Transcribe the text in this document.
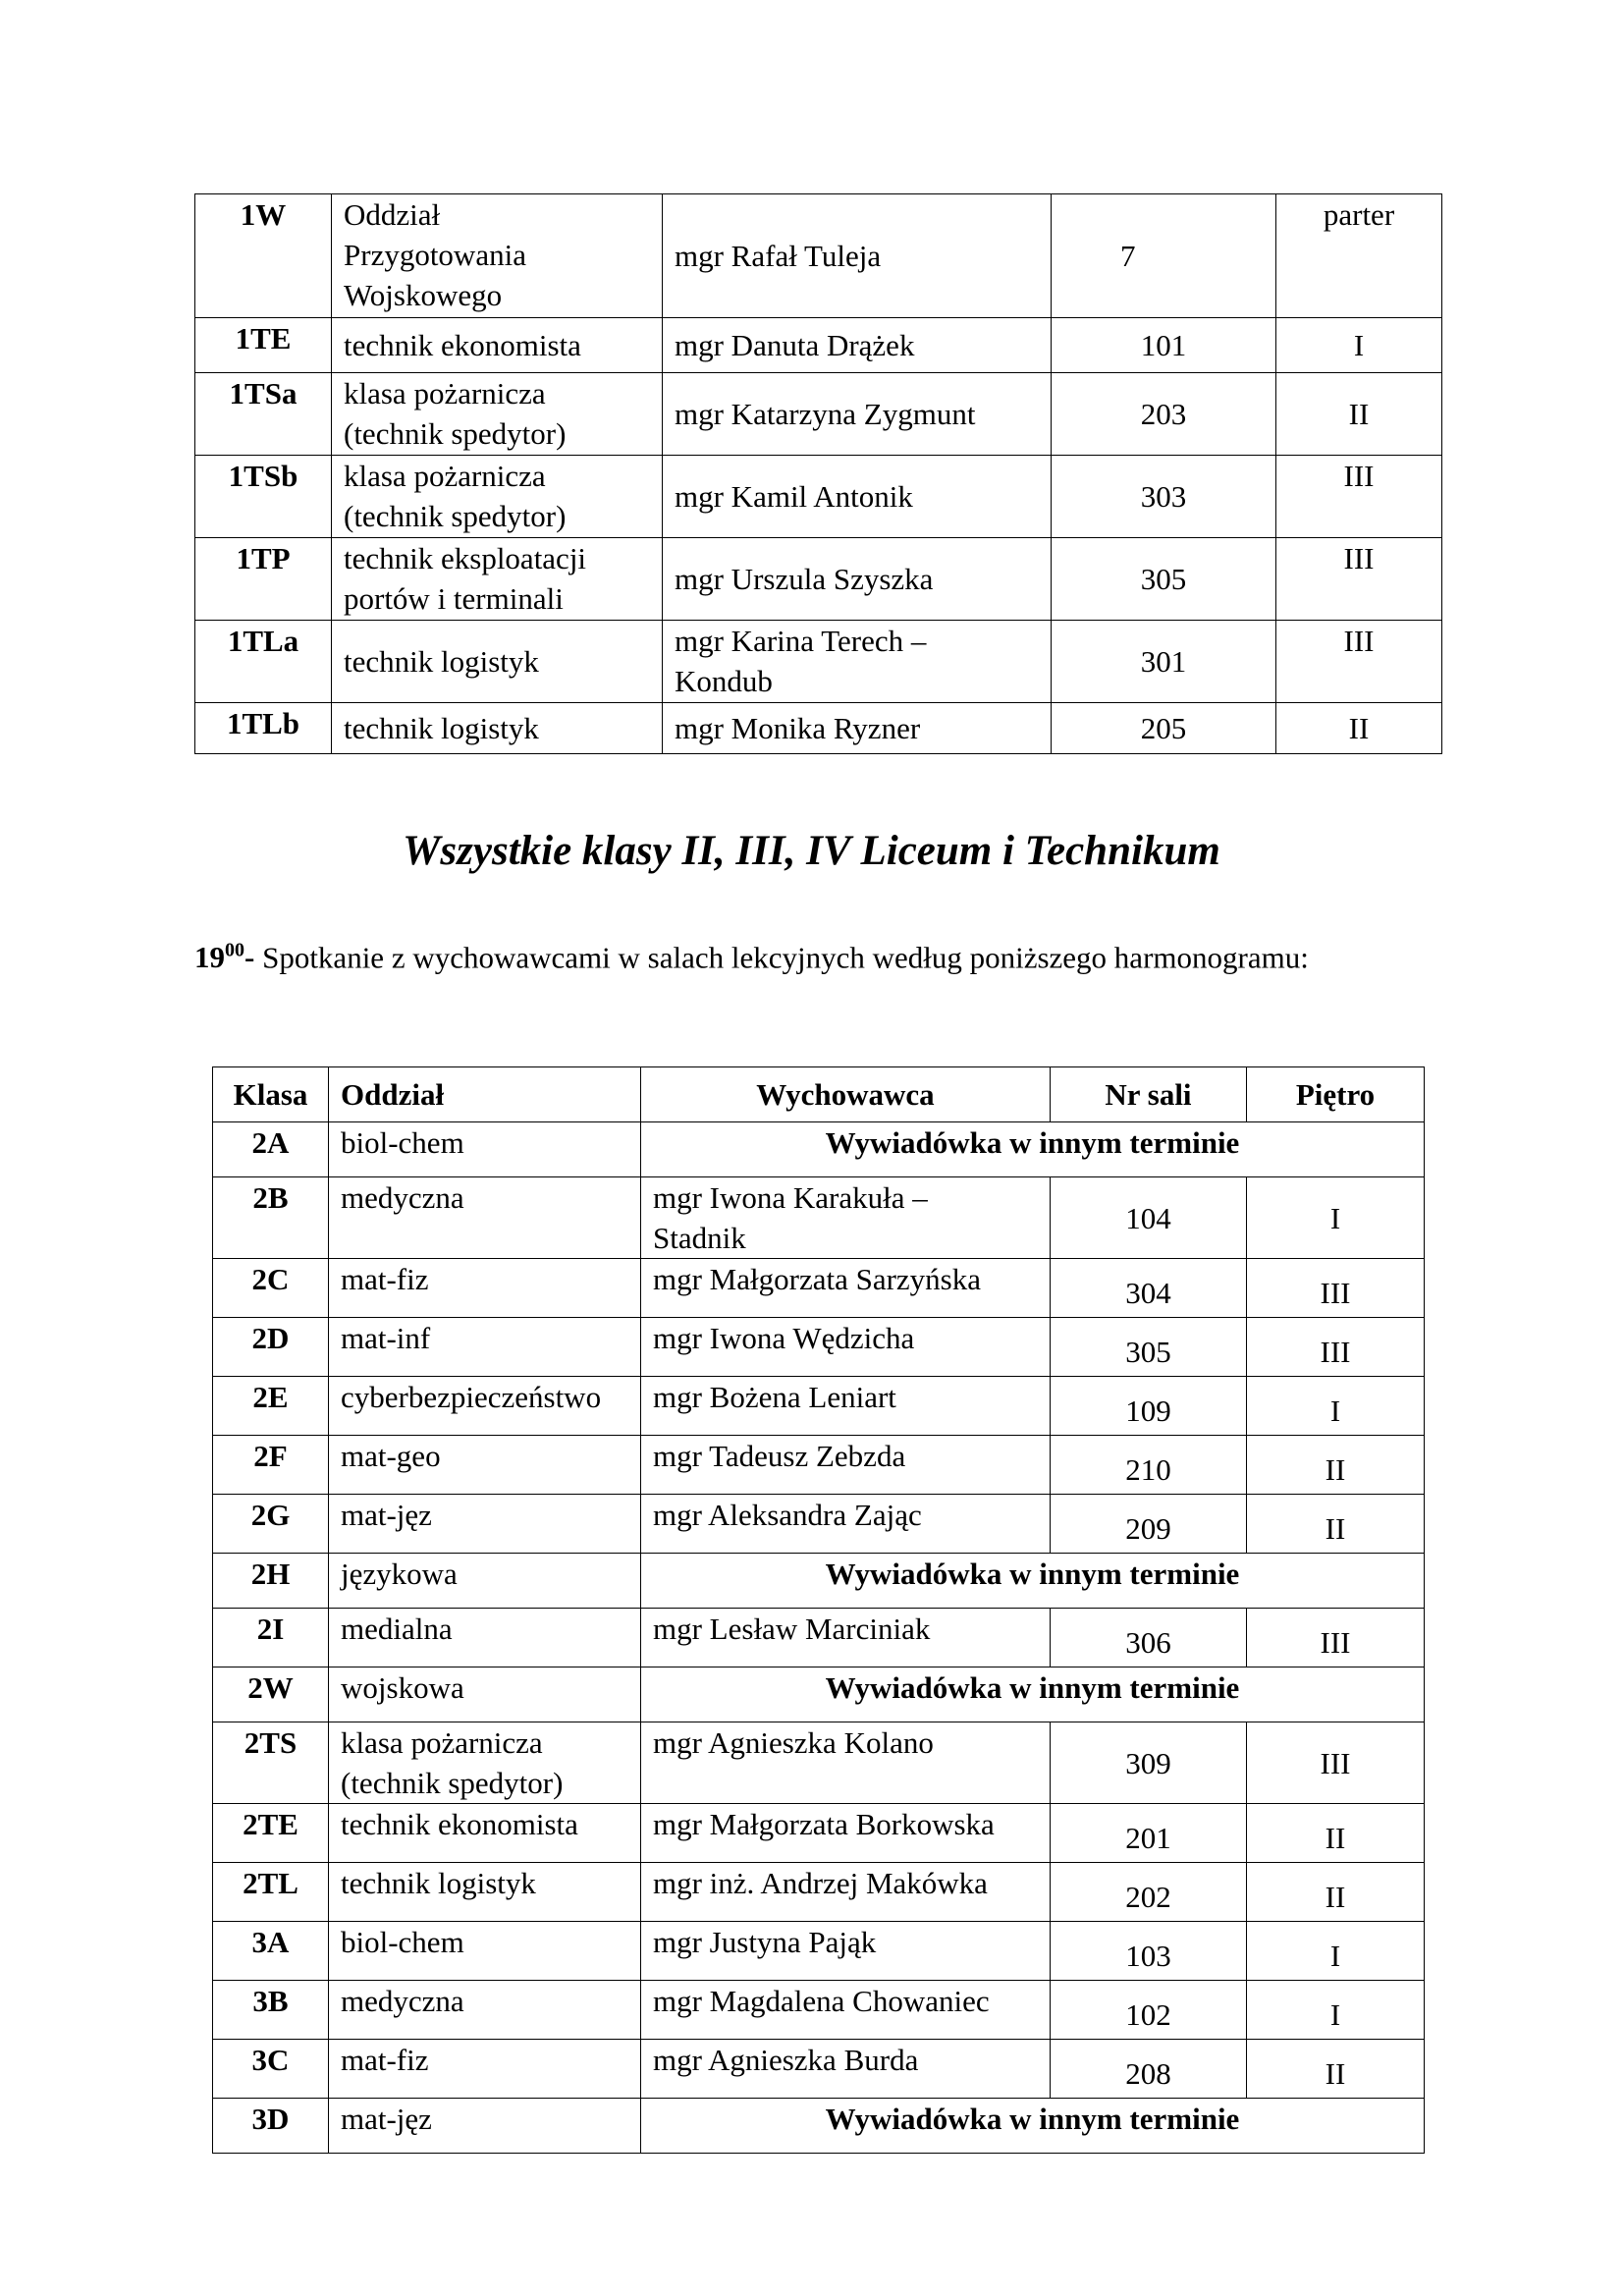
1W	Oddział
Przygotowania
Wojskowego	mgr Rafał Tuleja	7	parter
1TE	technik ekonomista	mgr Danuta Drążek	101	I
1TSa	klasa pożarnicza
(technik spedytor)	mgr Katarzyna Zygmunt	203	II
1TSb	klasa pożarnicza
(technik spedytor)	mgr Kamil Antonik	303	III
1TP	technik eksploatacji
portów i terminali	mgr Urszula Szyszka	305	III
1TLa	technik logistyk	mgr Karina Terech –
Kondub	301	III
1TLb	technik logistyk	mgr Monika Ryzner	205	II
Wszystkie klasy II, III, IV Liceum i Technikum
$19^{00}-$ Spotkanie z wychowawcami w salach lekcyjnych według poniższego harmonogramu:
Klasa	Oddział	Wychowawca	Nr sali	Piętro
2A	biol-chem	Wywiadówka w innym terminie		
2B	medyczna	mgr Iwona Karakuła –
Stadnik	104	I
2C	mat-fiz	mgr Małgorzata Sarzyńska	304	III
2D	mat-inf	mgr Iwona Wędzicha	305	III
2E	cyberbezpieczeństwo	mgr Bożena Leniart	109	I
2F	mat-geo	mgr Tadeusz Zebzda	210	II
2G	mat-jęz	mgr Aleksandra Zając	209	II
2H	językowa	Wywiadówka w innym terminie		
2I	medialna	mgr Lesław Marciniak	306	III
2W	wojskowa	Wywiadówka w innym terminie		
2TS	klasa pożarnicza
(technik spedytor)	mgr Agnieszka Kolano	309	III
2TE	technik ekonomista	mgr Małgorzata Borkowska	201	II
2TL	technik logistyk	mgr inż. Andrzej Makówka	202	II
3A	biol-chem	mgr Justyna Pająk	103	I
3B	medyczna	mgr Magdalena Chowaniec	102	I
3C	mat-fiz	mgr Agnieszka Burda	208	II
3D	mat-jęz	Wywiadówka w innym terminie		
